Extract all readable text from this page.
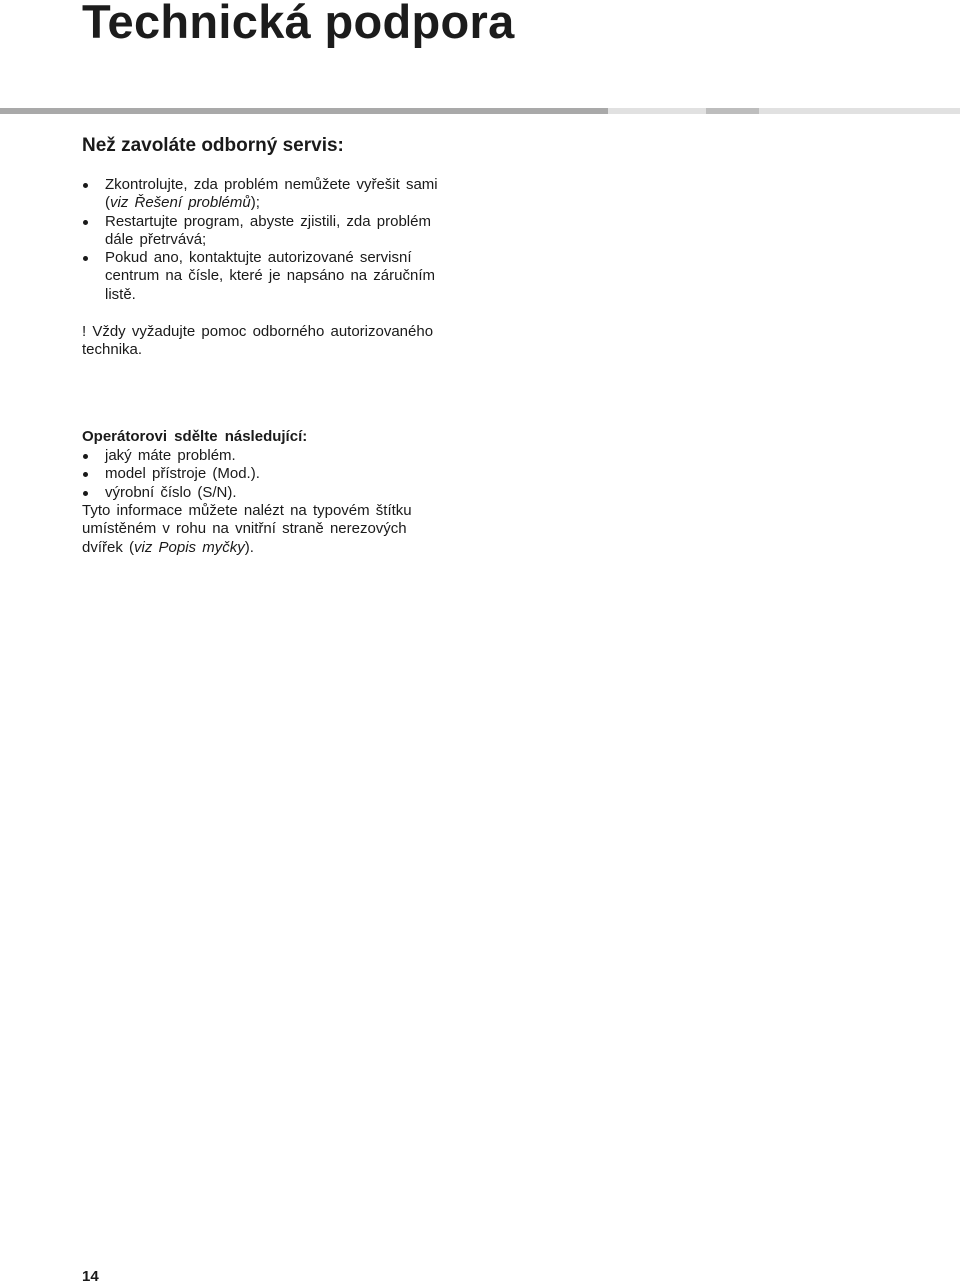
Technická podpora
Než zavoláte odborný servis:
Zkontrolujte, zda problém nemůžete vyřešit sami
(viz Řešení problémů);
Restartujte program, abyste zjistili, zda problém
dále přetrvává;
Pokud ano, kontaktujte autorizované servisní
centrum na čísle, které je napsáno na záručním
listě.
! Vždy vyžadujte pomoc odborného autorizovaného
technika.
Operátorovi sdělte následující:
jaký máte problém.
model přístroje (Mod.).
výrobní číslo (S/N).
Tyto informace můžete nalézt na typovém štítku
umístěném v rohu na vnitřní straně nerezových
dvířek (viz Popis myčky).
14
